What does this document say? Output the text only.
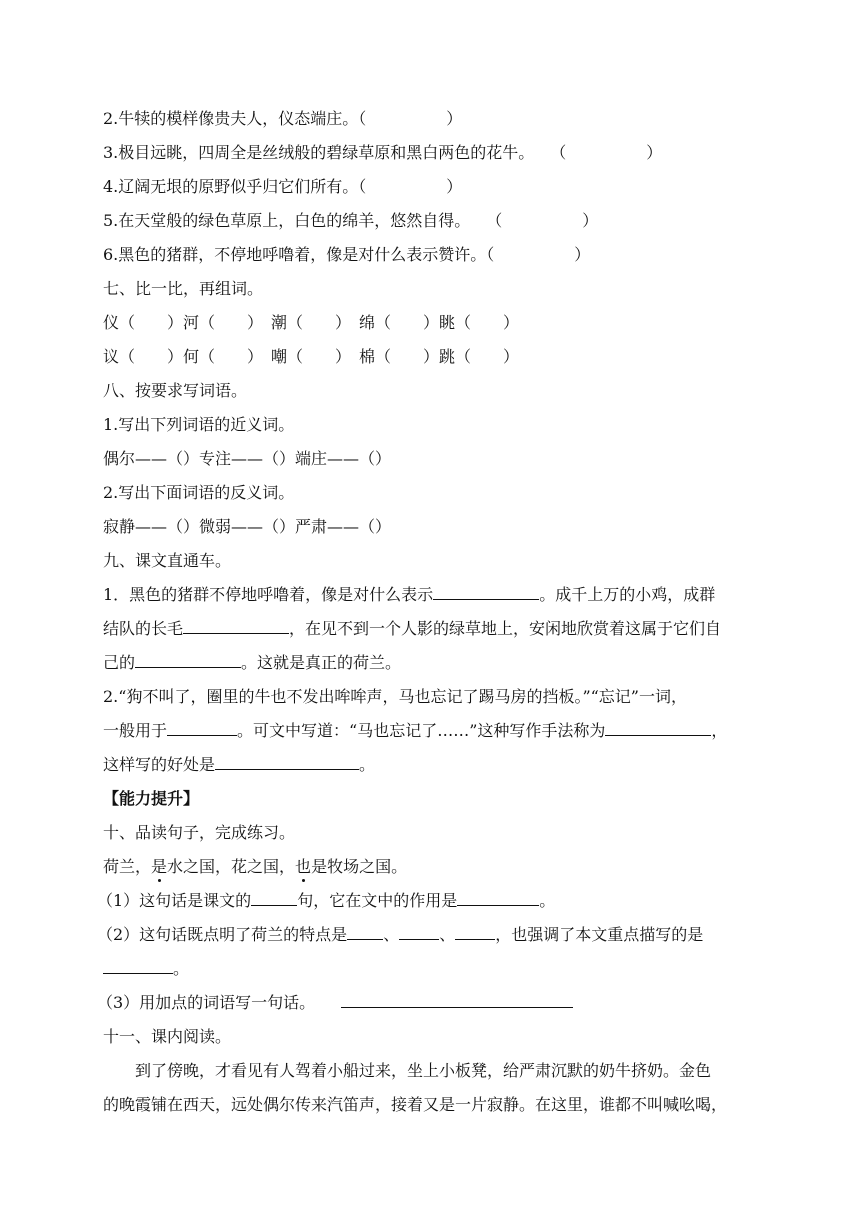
2.牛犊的模样像贵夫人，仪态端庄。（　　　　　）
3.极目远眺，四周全是丝绒般的碧绿草原和黑白两色的花牛。　　（　　　　　）
4.辽阔无垠的原野似乎归它们所有。（　　　　　）
5.在天堂般的绿色草原上，白色的绵羊，悠然自得。　　（　　　　　）
6.黑色的猪群，不停地呼噜着，像是对什么表示赞许。（　　　　　）
七、比一比，再组词。
仪（　　）河（　　）　潮（　　）　绵（　　）眺（　　）
议（　　）何（　　）　嘲（　　）　棉（　　）跳（　　）
八、按要求写词语。
1.写出下列词语的近义词。
偶尔——（）专注——（）端庄——（）
2.写出下面词语的反义词。
寂静——（）微弱——（）严肃——（）
九、课文直通车。
1．黑色的猪群不停地呼噜着，像是对什么表示	。成千上万的小鸡，成群
结队的长毛	，在见不到一个人影的绿草地上，安闲地欣赏着这属于它们自
己的	。这就是真正的荷兰。
2.“狗不叫了，圈里的牛也不发出哞哞声，马也忘记了踢马房的挡板。”“忘记”一词，
一般用于	。可文中写道：“马也忘记了……”这种写作手法称为	，
这样写的好处是	。
【能力提升】
十、品读句子，完成练习。
荷兰，是水之国，花之国，也是牧场之国。
（1）这句话是课文的	句，它在文中的作用是	。
（2）这句话既点明了荷兰的特点是 、	、	，也强调了本文重点描写的是
。
（3）用加点的词语写一句话。
十一、课内阅读。
到了傍晚，才看见有人驾着小船过来，坐上小板凳，给严肃沉默的奶牛挤奶。金色
的晚霞铺在西天，远处偶尔传来汽笛声，接着又是一片寂静。在这里，谁都不叫喊吆喝，
